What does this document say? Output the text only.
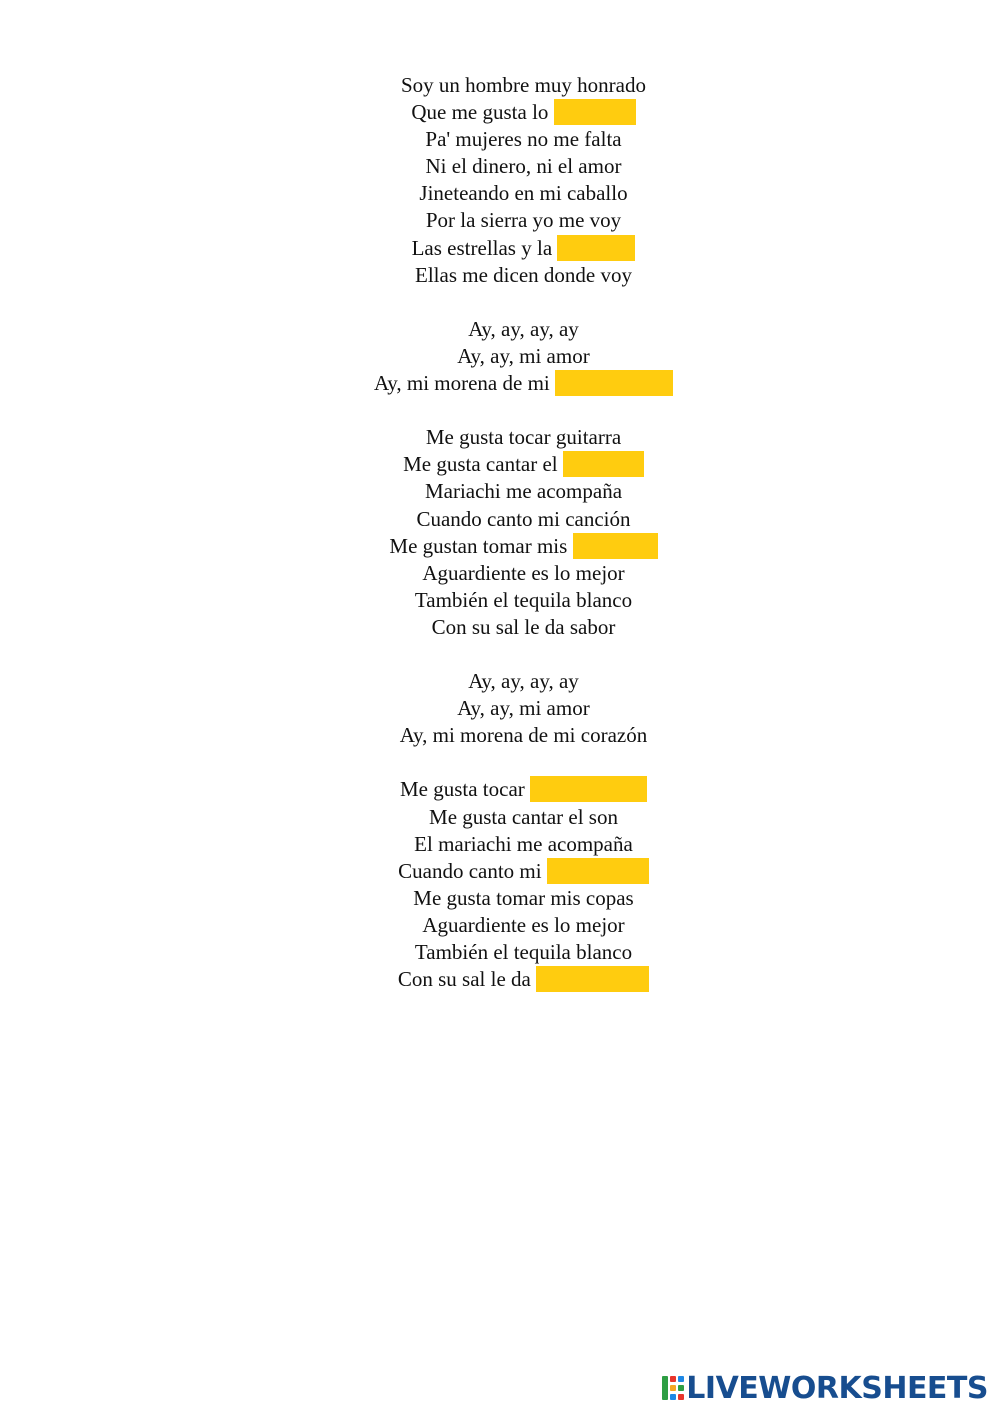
Soy un hombre muy honrado
Que me gusta lo
Pa' mujeres no me falta
Ni el dinero, ni el amor
Jineteando en mi caballo
Por la sierra yo me voy
Las estrellas y la
Ellas me dicen donde voy
Ay, ay, ay, ay
Ay, ay, mi amor
Ay, mi morena de mi
Me gusta tocar guitarra
Me gusta cantar el
Mariachi me acompaña
Cuando canto mi canción
Me gustan tomar mis
Aguardiente es lo mejor
También el tequila blanco
Con su sal le da sabor
Ay, ay, ay, ay
Ay, ay, mi amor
Ay, mi morena de mi corazón
Me gusta tocar
Me gusta cantar el son
El mariachi me acompaña
Cuando canto mi
Me gusta tomar mis copas
Aguardiente es lo mejor
También el tequila blanco
Con su sal le da
LIVEWORKSHEETS
